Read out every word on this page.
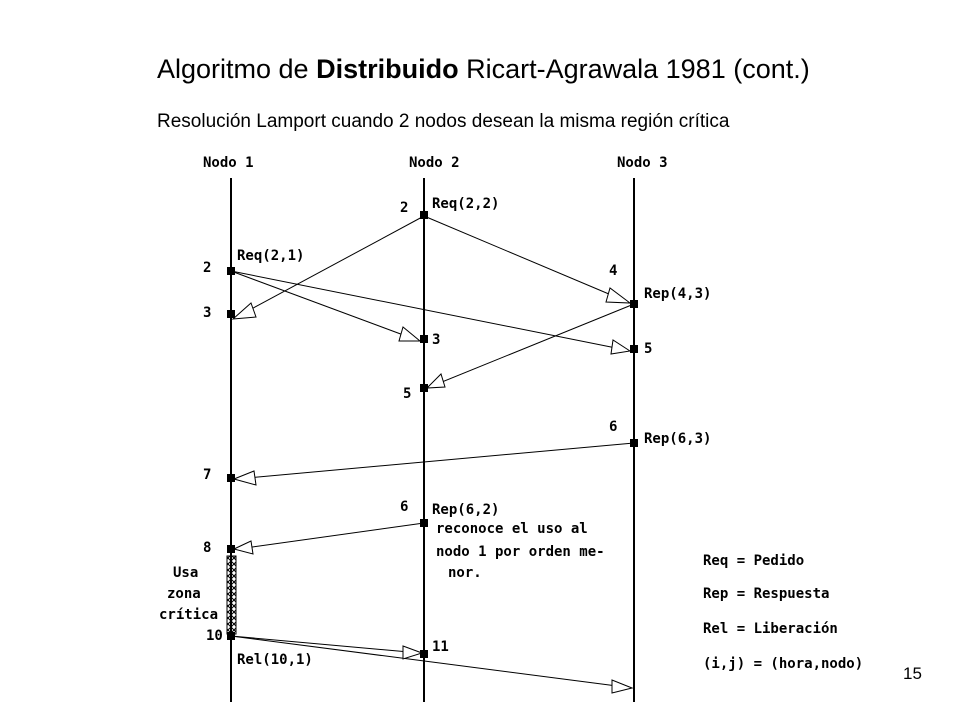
Algoritmo de Distribuido Ricart-Agrawala 1981 (cont.)
Resolución Lamport cuando 2 nodos desean la misma región crítica
Nodo 1	Nodo 2	Nodo 3
2
3
7
8
10
2
3
5
6
11
4
5
6
Req(2,1)
Req(2,2)
Rep(4,3)
Rep(6,3)
Rep(6,2)
Rel(10,1)
reconoce el uso al
nodo 1 por orden me-
nor.
Usa
zona
crítica
Req = Pedido
Rep = Respuesta
Rel = Liberación
(i,j) = (hora,nodo) 15
